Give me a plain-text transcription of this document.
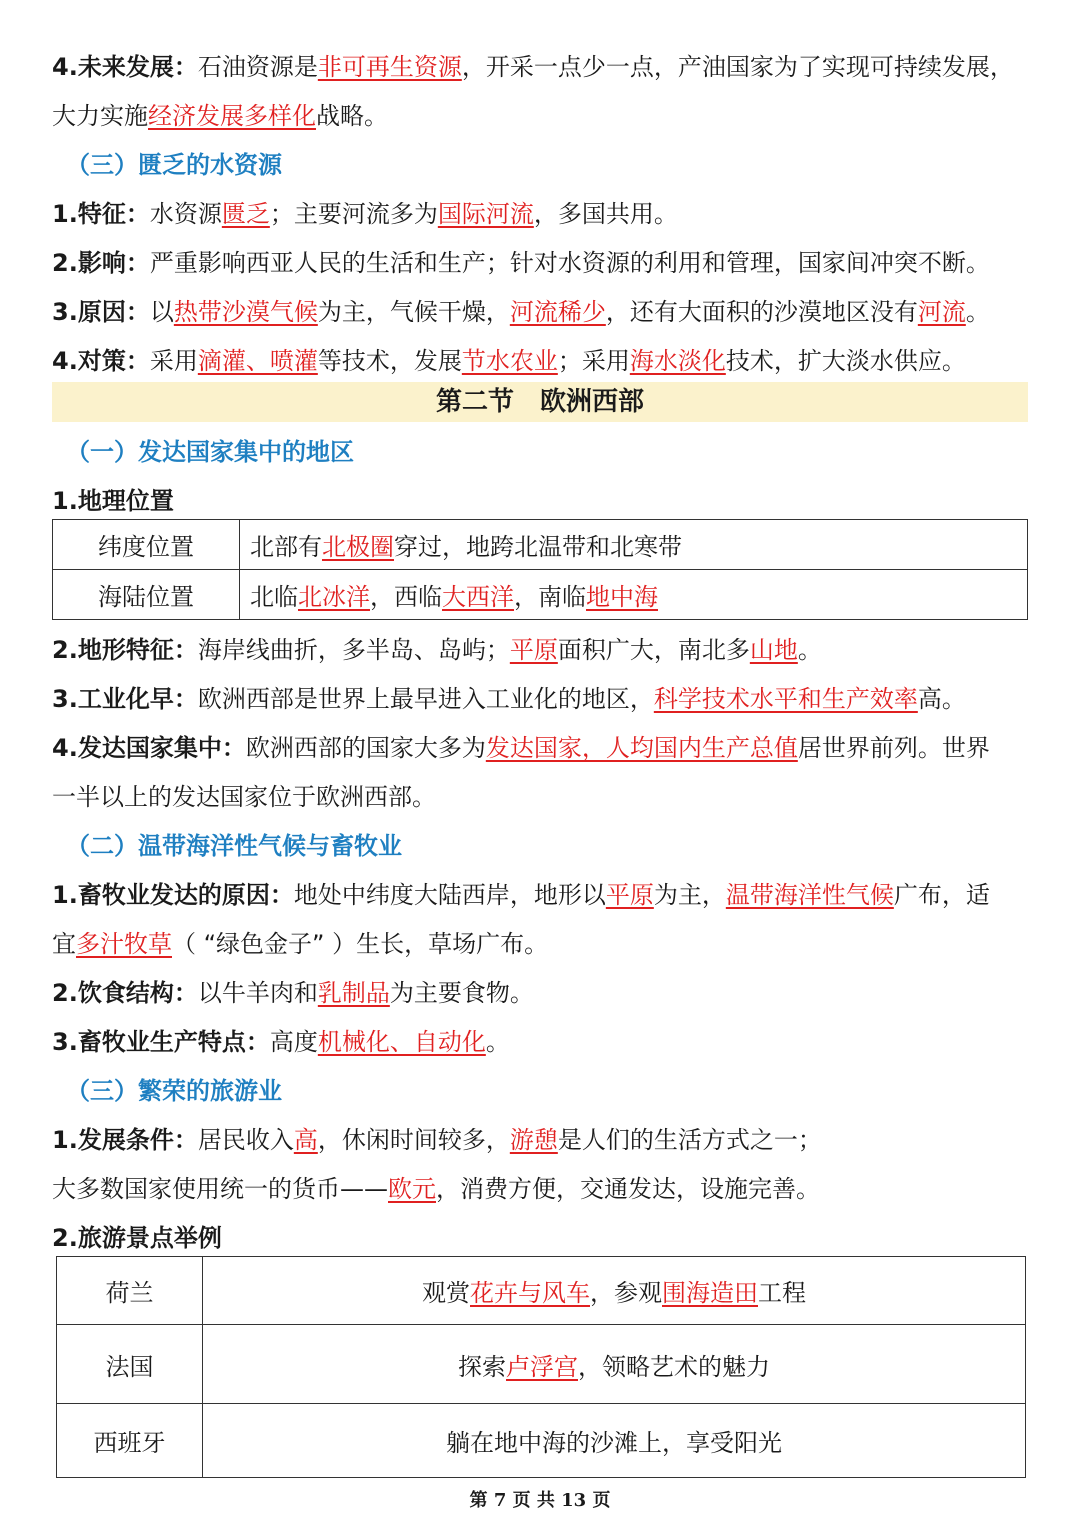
4.未来发展：石油资源是非可再生资源，开采一点少一点，产油国家为了实现可持续发展，
大力实施经济发展多样化战略。
（三）匮乏的水资源
1.特征：水资源匮乏；主要河流多为国际河流，多国共用。
2.影响：严重影响西亚人民的生活和生产；针对水资源的利用和管理，国家间冲突不断。
3.原因：以热带沙漠气候为主，气候干燥，河流稀少，还有大面积的沙漠地区没有河流。
4.对策：采用滴灌、喷灌等技术，发展节水农业；采用海水淡化技术，扩大淡水供应。
第二节　欧洲西部
（一）发达国家集中的地区
1.地理位置
纬度位置	北部有北极圈穿过，地跨北温带和北寒带
海陆位置	北临北冰洋，西临大西洋，南临地中海
2.地形特征：海岸线曲折，多半岛、岛屿；平原面积广大，南北多山地。
3.工业化早：欧洲西部是世界上最早进入工业化的地区，科学技术水平和生产效率高。
4.发达国家集中：欧洲西部的国家大多为发达国家，人均国内生产总值居世界前列。世界
一半以上的发达国家位于欧洲西部。
（二）温带海洋性气候与畜牧业
1.畜牧业发达的原因：地处中纬度大陆西岸，地形以平原为主，温带海洋性气候广布，适
宜多汁牧草（ “绿色金子” ）生长，草场广布。
2.饮食结构：以牛羊肉和乳制品为主要食物。
3.畜牧业生产特点：高度机械化、自动化。
（三）繁荣的旅游业
1.发展条件：居民收入高，休闲时间较多，游憩是人们的生活方式之一；
大多数国家使用统一的货币——欧元，消费方便，交通发达，设施完善。
2.旅游景点举例
荷兰	观赏花卉与风车，参观围海造田工程
法国	探索卢浮宫，领略艺术的魅力
西班牙	躺在地中海的沙滩上，享受阳光
第 7 页 共 13 页
